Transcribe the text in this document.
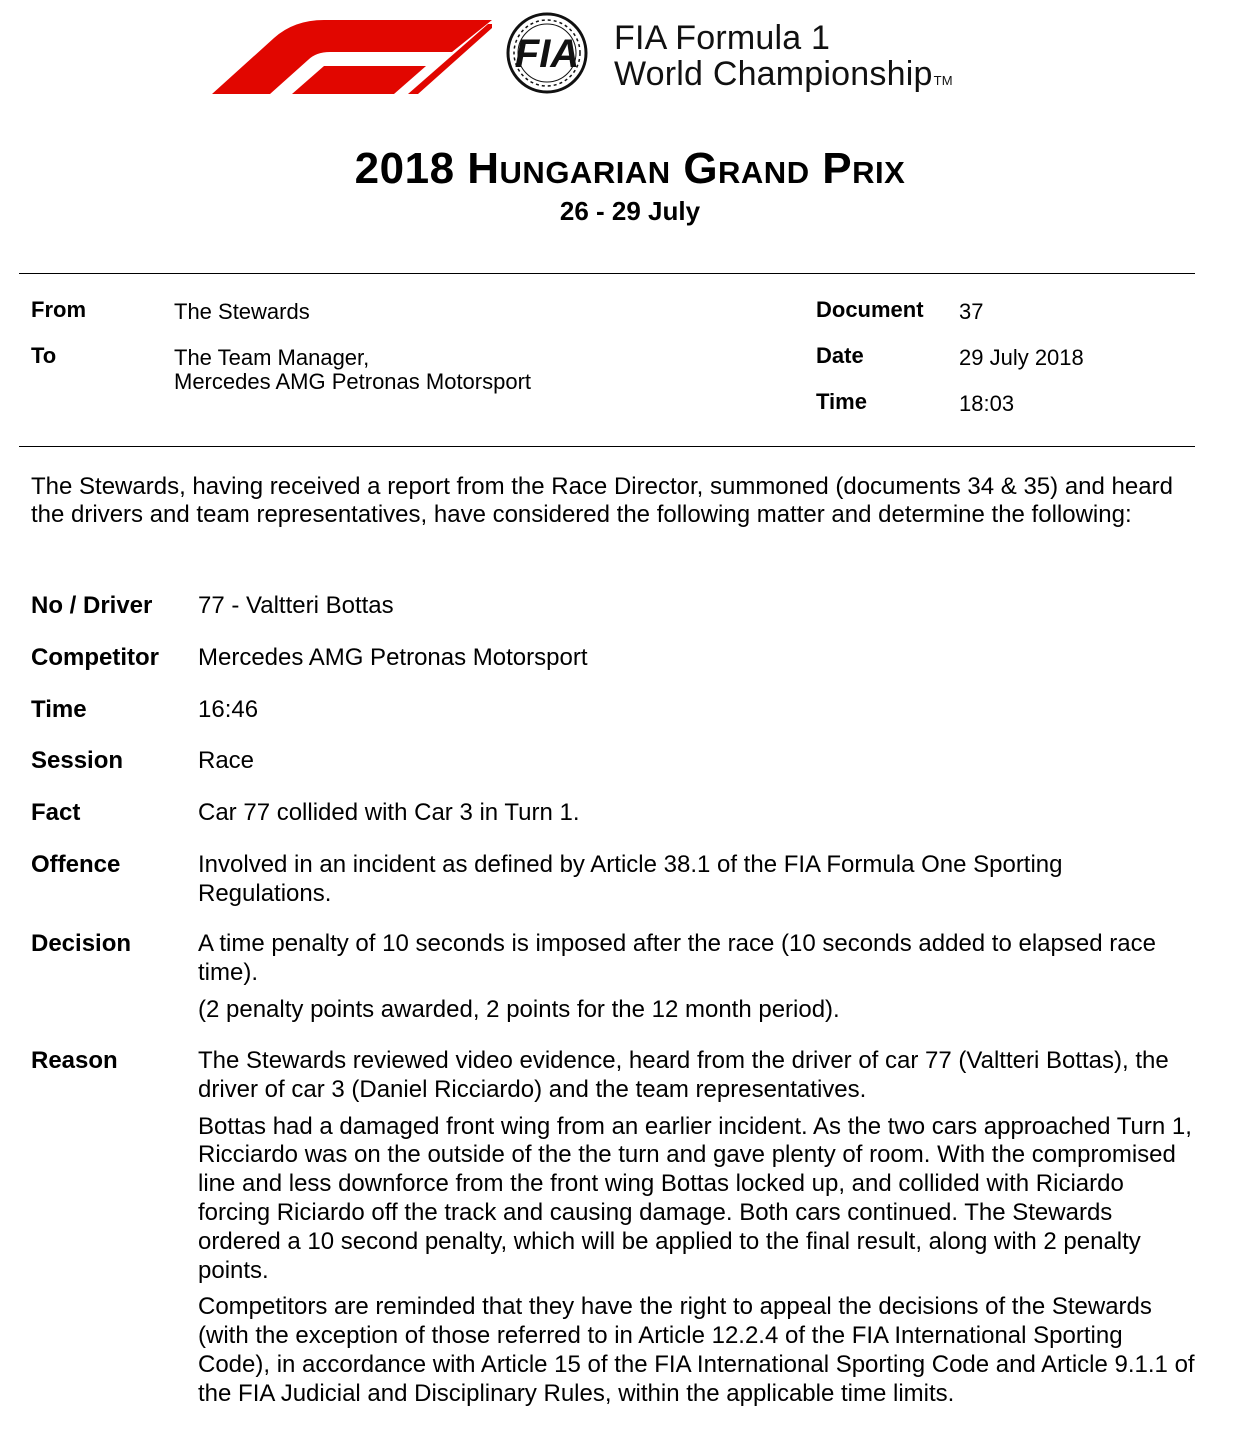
FIA FIA Formula 1
World ChampionshipTM
2018 Hungarian Grand Prix
26 - 29 July
From	The Stewards
To	The Team Manager,
Mercedes AMG Petronas Motorsport
Document 37
Date	29 July 2018
Time	18:03
The Stewards, having received a report from the Race Director, summoned (documents 34 & 35) and heard the drivers and team representatives, have considered the following matter and determine the following:
No / Driver 77 - Valtteri Bottas
Competitor Mercedes AMG Petronas Motorsport
Time	16:46
Session	Race
Fact	Car 77 collided with Car 3 in Turn 1.
Offence	Involved in an incident as defined by Article 38.1 of the FIA Formula One Sporting Regulations.
Decision	A time penalty of 10 seconds is imposed after the race (10 seconds added to elapsed race time).

(2 penalty points awarded, 2 points for the 12 month period).

Reason	The Stewards reviewed video evidence, heard from the driver of car 77 (Valtteri Bottas), the driver of car 3 (Daniel Ricciardo) and the team representatives.

Bottas had a damaged front wing from an earlier incident. As the two cars approached Turn 1, Ricciardo was on the outside of the the turn and gave plenty of room. With the compromised line and less downforce from the front wing Bottas locked up, and collided with Riciardo forcing Riciardo off the track and causing damage. Both cars continued. The Stewards ordered a 10 second penalty, which will be applied to the final result, along with 2 penalty points.

Competitors are reminded that they have the right to appeal the decisions of the Stewards (with the exception of those referred to in Article 12.2.4 of the FIA International Sporting Code), in accordance with Article 15 of the FIA International Sporting Code and Article 9.1.1 of the FIA Judicial and Disciplinary Rules, within the applicable time limits.
